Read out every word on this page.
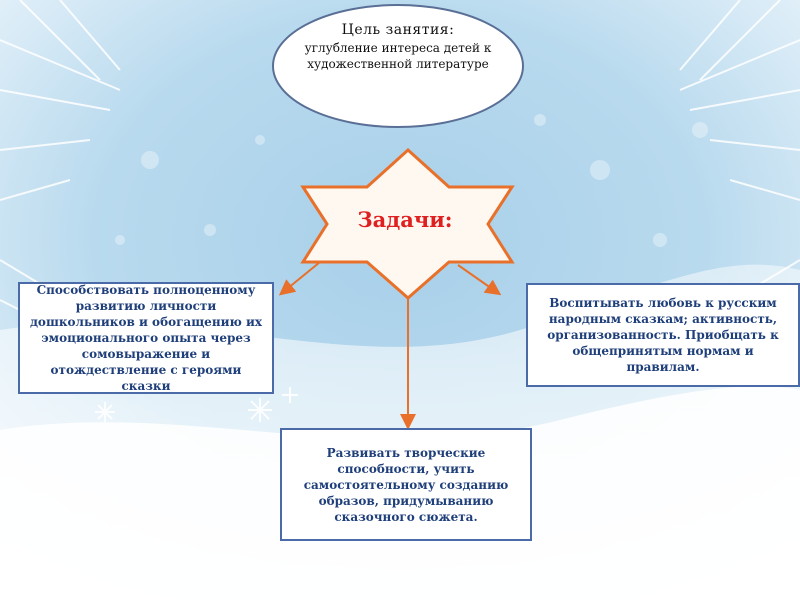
Цель занятия:
углубление интереса детей к художественной литературе
Задачи:
Способствовать полноценному развитию личности дошкольников и обогащению их эмоционального опыта через сомовыражение и отождествление с героями сказки
Воспитывать любовь к русским народным сказкам; активность, организованность. Приобщать к общепринятым нормам и правилам.
Развивать творческие способности, учить самостоятельному созданию образов, придумыванию сказочного сюжета.
